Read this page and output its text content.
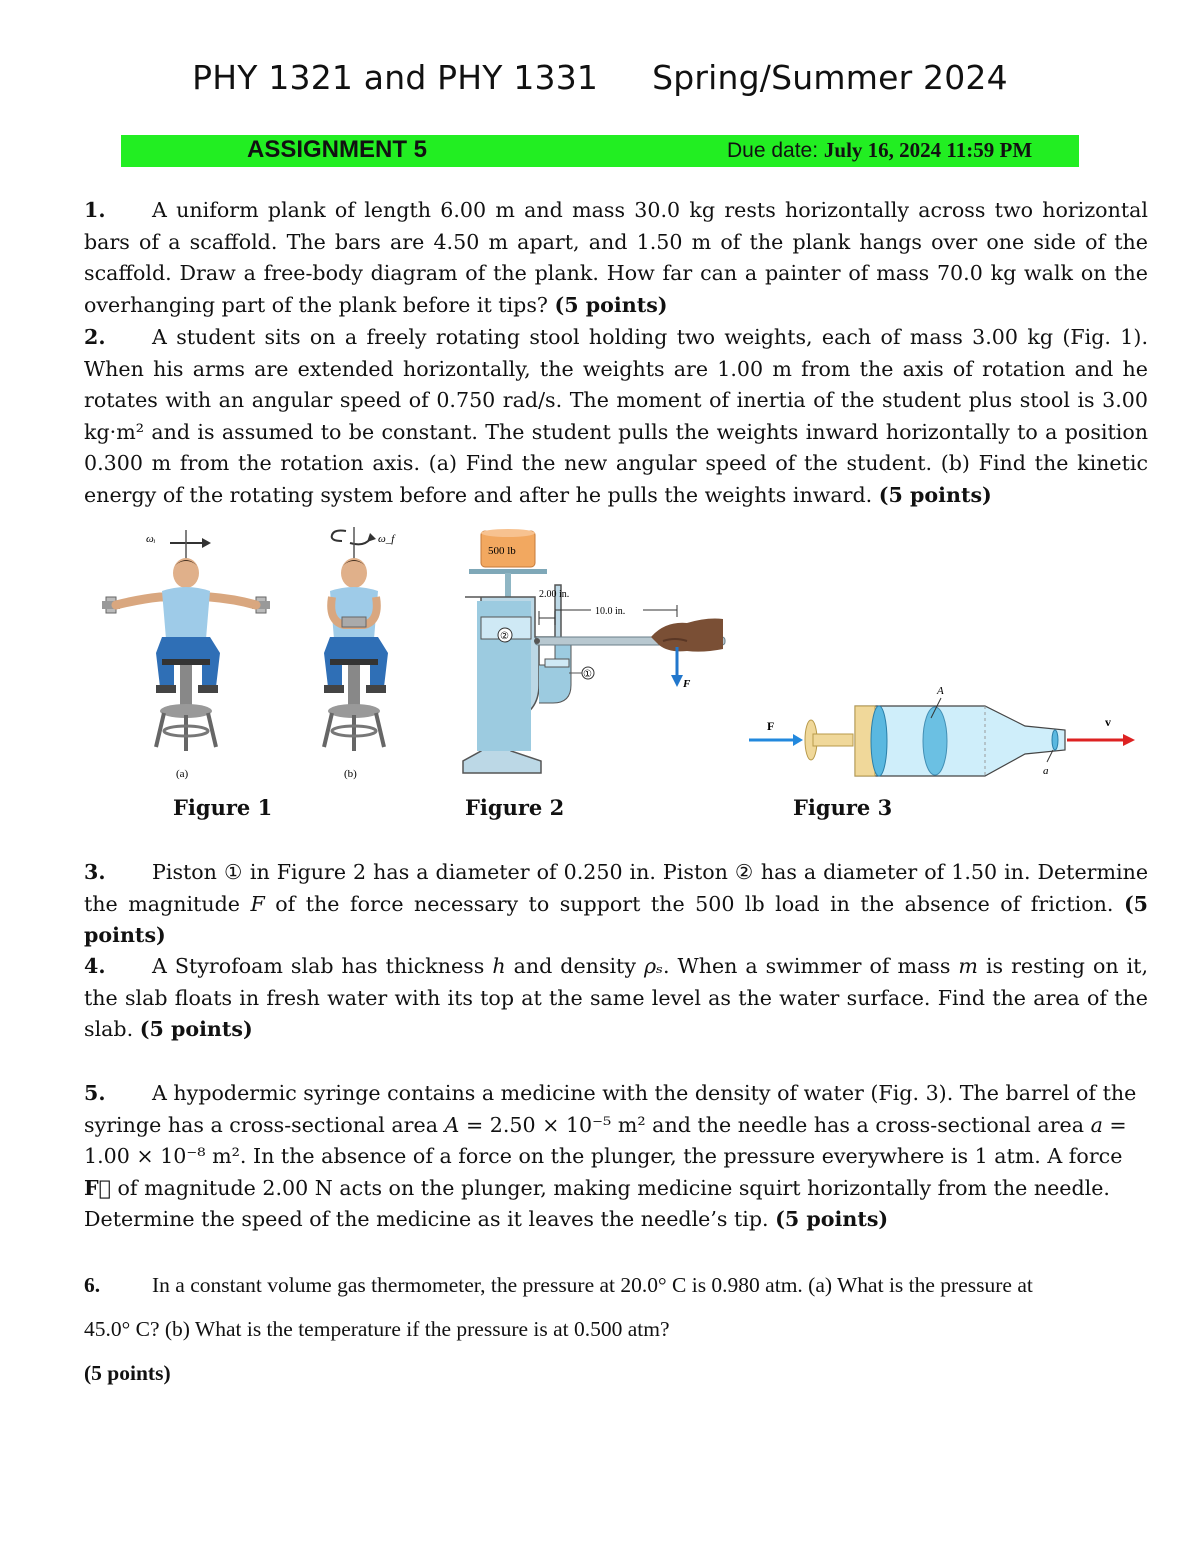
PHY 1321 and PHY 1331 Spring/Summer 2024
ASSIGNMENT 5	Due date: July 16, 2024 11:59 PM
1. A uniform plank of length 6.00 m and mass 30.0 kg rests horizontally across two horizontal bars of a scaffold. The bars are 4.50 m apart, and 1.50 m of the plank hangs over one side of the scaffold. Draw a free-body diagram of the plank. How far can a painter of mass 70.0 kg walk on the overhanging part of the plank before it tips? (5 points)
2. A student sits on a freely rotating stool holding two weights, each of mass 3.00 kg (Fig. 1). When his arms are extended horizontally, the weights are 1.00 m from the axis of rotation and he rotates with an angular speed of 0.750 rad/s. The moment of inertia of the student plus stool is 3.00 kg·m² and is assumed to be constant. The student pulls the weights inward horizontally to a position 0.300 m from the rotation axis. (a) Find the new angular speed of the student. (b) Find the kinetic energy of the rotating system before and after he pulls the weights inward. (5 points)
ωᵢ
(a)
ω_f
(b)
Figure 1
500 lb
②
①
2.00 in.
10.0 in.
F
Figure 2
F⃗
A
a
v⃗
Figure 3
3. Piston ① in Figure 2 has a diameter of 0.250 in. Piston ② has a diameter of 1.50 in. Determine the magnitude F of the force necessary to support the 500 lb load in the absence of friction. (5 points)
4. A Styrofoam slab has thickness h and density ρₛ. When a swimmer of mass m is resting on it, the slab floats in fresh water with its top at the same level as the water surface. Find the area of the slab. (5 points)
5. A hypodermic syringe contains a medicine with the density of water (Fig. 3). The barrel of the syringe has a cross-sectional area A = 2.50 × 10⁻⁵ m² and the needle has a cross-sectional area a = 1.00 × 10⁻⁸ m². In the absence of a force on the plunger, the pressure everywhere is 1 atm. A force F⃗ of magnitude 2.00 N acts on the plunger, making medicine squirt horizontally from the needle. Determine the speed of the medicine as it leaves the needle’s tip. (5 points)
6. In a constant volume gas thermometer, the pressure at 20.0° C is 0.980 atm. (a) What is the pressure at
45.0° C? (b) What is the temperature if the pressure is at 0.500 atm?
(5 points)
